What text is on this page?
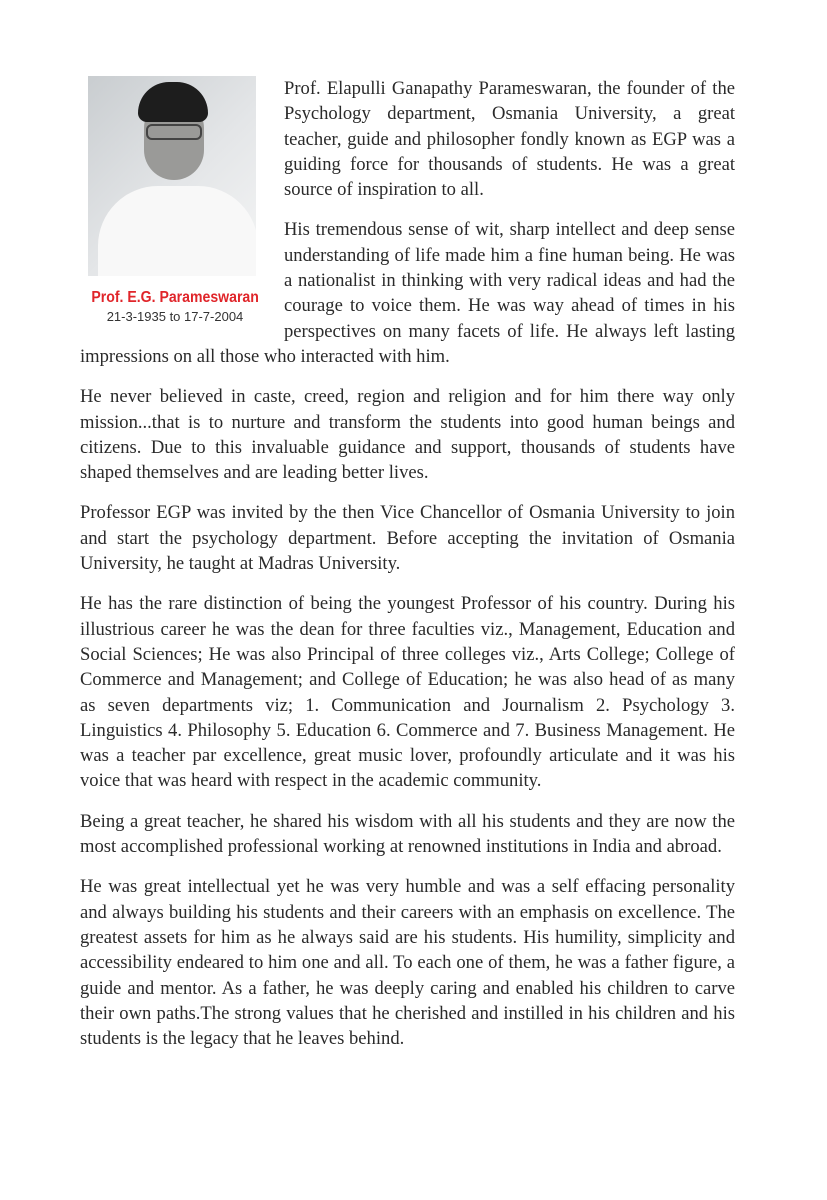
Prof. E.G. Parameswaran
21-3-1935 to 17-7-2004

Prof. Elapulli Ganapathy Parameswaran, the founder of the Psychology department, Osmania University, a great teacher, guide and philosopher fondly known as EGP was a guiding force for thousands of students. He was a great source of inspiration to all.

His tremendous sense of wit, sharp intellect and deep sense understanding of life made him a fine human being. He was a nationalist in thinking with very radical ideas and had the courage to voice them. He was way ahead of times in his perspectives on many facets of life. He always left lasting impressions on all those who interacted with him.

He never believed in caste, creed, region and religion and for him there way only mission...that is to nurture and transform the students into good human beings and citizens. Due to this invaluable guidance and support, thousands of students have shaped themselves and are leading better lives.

Professor EGP was invited by the then Vice Chancellor of Osmania University to join and start the psychology department. Before accepting the invitation of Osmania University, he taught at Madras University.

He has the rare distinction of being the youngest Professor of his country. During his illustrious career he was the dean for three faculties viz., Management, Education and Social Sciences; He was also Principal of three colleges viz., Arts College; College of Commerce and Management; and College of Education; he was also head of as many as seven departments viz; 1. Communication and Journalism 2. Psychology 3. Linguistics 4. Philosophy 5. Education 6. Commerce and 7. Business Management. He was a teacher par excellence, great music lover, profoundly articulate and it was his voice that was heard with respect in the academic community.

Being a great teacher, he shared his wisdom with all his students and they are now the most accomplished professional working at renowned institutions in India and abroad.

He was great intellectual yet he was very humble and was a self effacing personality and always building his students and their careers with an emphasis on excellence. The greatest assets for him as he always said are his students. His humility, simplicity and accessibility endeared to him one and all. To each one of them, he was a father figure, a guide and mentor. As a father, he was deeply caring and enabled his children to carve their own paths.The strong values that he cherished and instilled in his children and his students is the legacy that he leaves behind.
